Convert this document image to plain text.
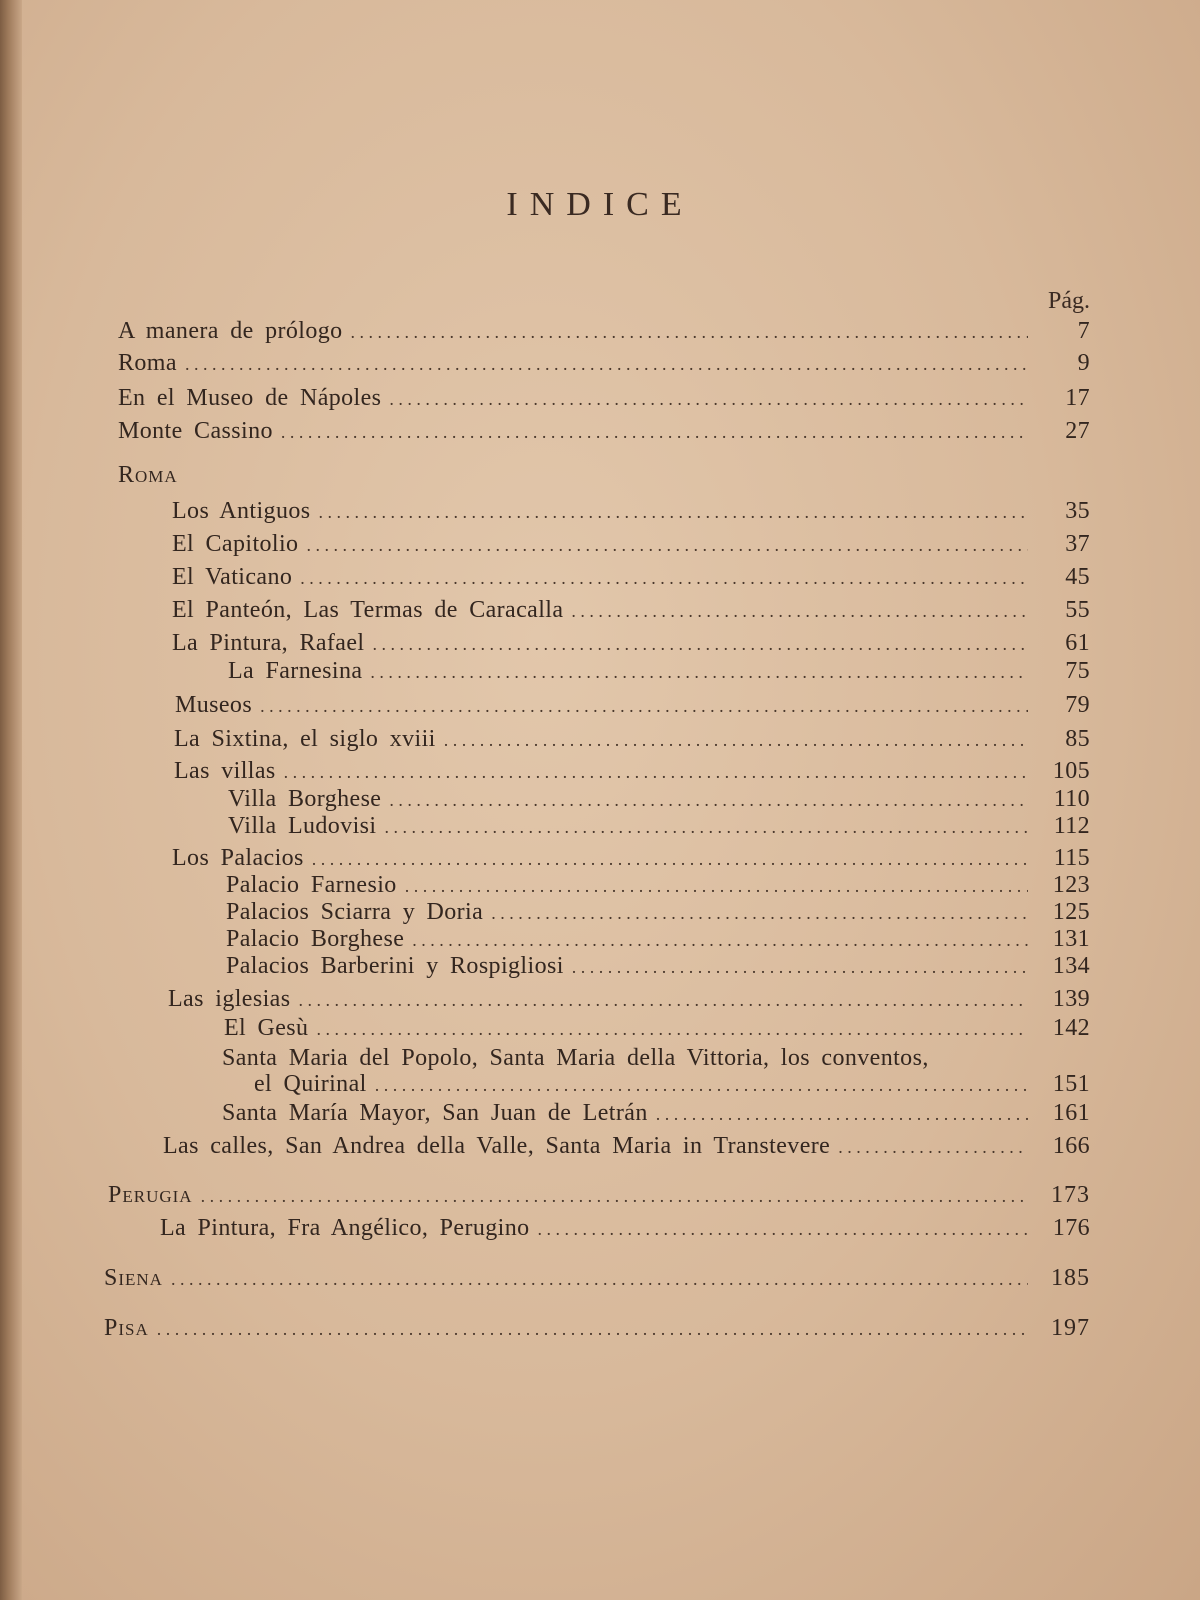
INDICE
Pág.
A manera de prólogo . . .	7
Roma . . .	9
En el Museo de Nápoles . . .	17
Monte Cassino . . .	27
Roma
Los Antiguos . . .	35
El Capitolio . . .	37
El Vaticano . . .	45
El Panteón, Las Termas de Caracalla . . .	55
La Pintura, Rafael . . .	61
La Farnesina . . .	75
Museos . . .	79
La Sixtina, el siglo xviii . . .	85
Las villas . . .	105
Villa Borghese . . .	110
Villa Ludovisi . . .	112
Los Palacios . . .	115
Palacio Farnesio . . .	123
Palacios Sciarra y Doria . . .	125
Palacio Borghese . . .	131
Palacios Barberini y Rospigliosi . . .	134
Las iglesias . . .	139
El Gesù . . .	142
Santa Maria del Popolo, Santa Maria della Vittoria, los conventos,
el Quirinal . . .	151
Santa María Mayor, San Juan de Letrán . . .	161
Las calles, San Andrea della Valle, Santa Maria in Transtevere . . .	166
Perugia . . .	173
La Pintura, Fra Angélico, Perugino . . .	176
Siena . . .	185
Pisa . . .	197
